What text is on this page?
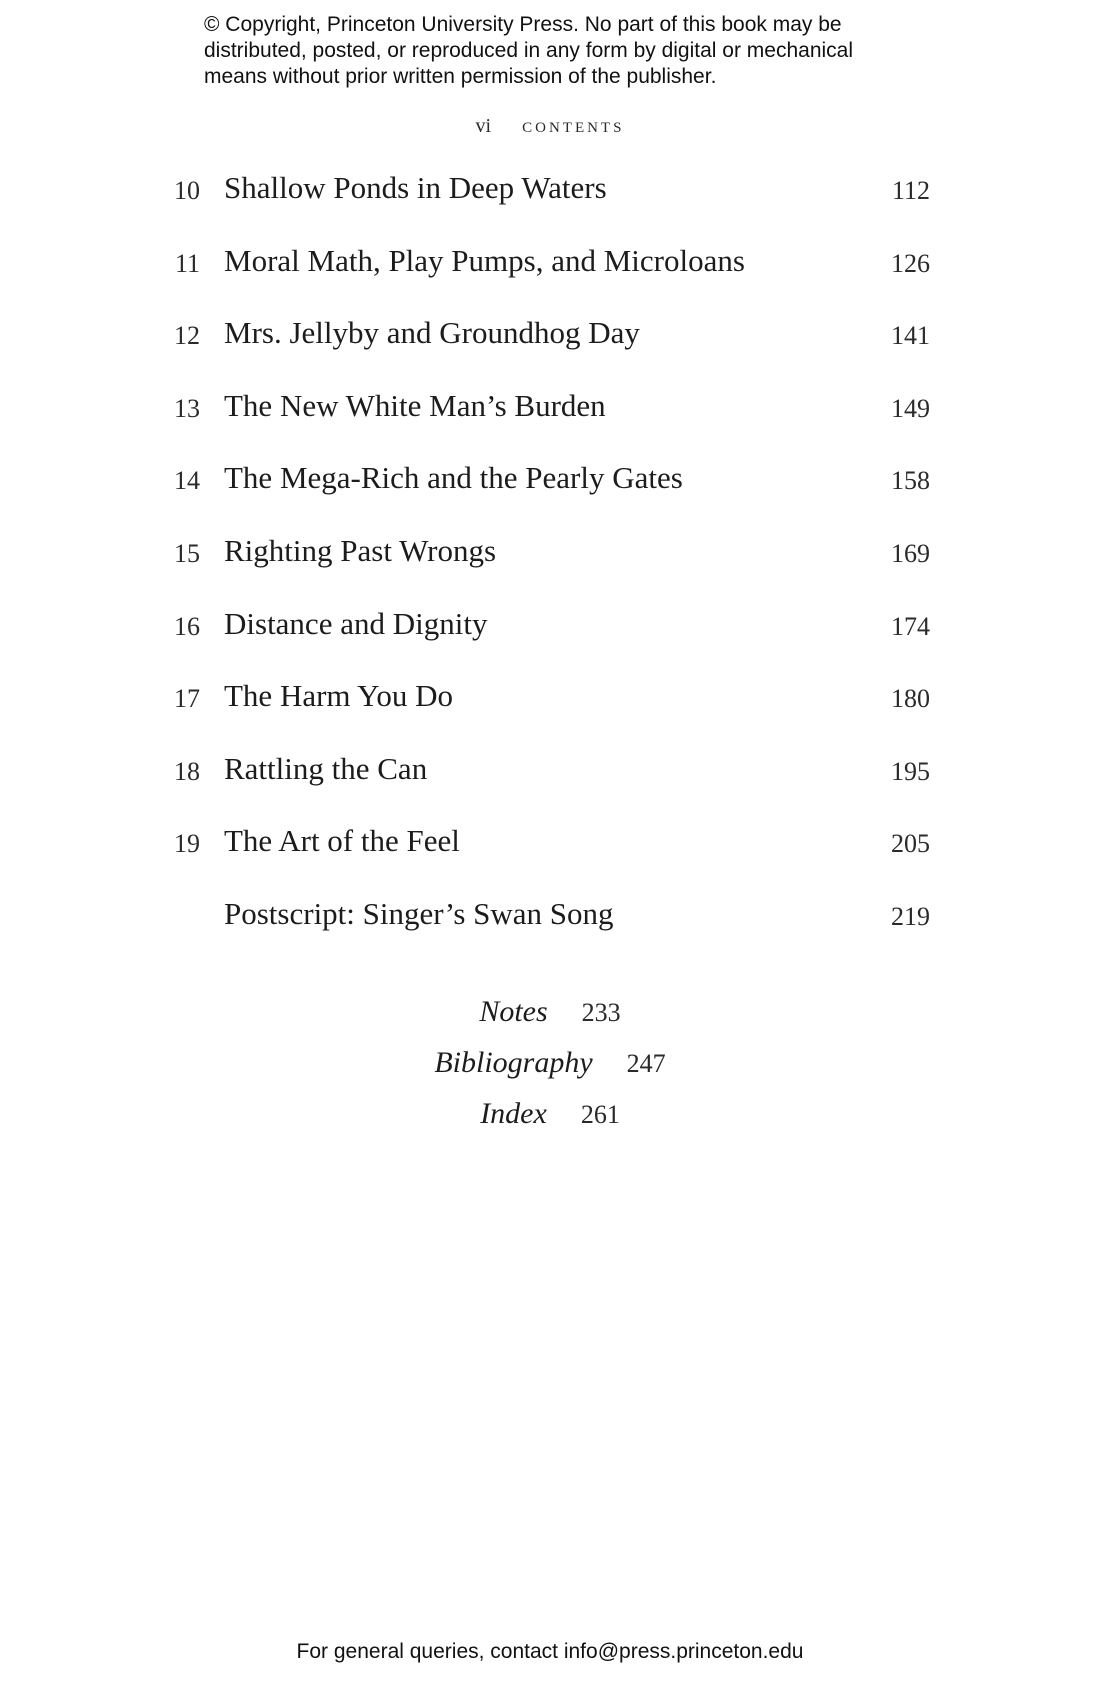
© Copyright, Princeton University Press. No part of this book may be
distributed, posted, or reproduced in any form by digital or mechanical
means without prior written permission of the publisher.
vi contents
10 Shallow Ponds in Deep Waters	112
11 Moral Math, Play Pumps, and Microloans	126
12 Mrs. Jellyby and Groundhog Day	141
13 The New White Man’s Burden	149
14 The Mega-Rich and the Pearly Gates	158
15 Righting Past Wrongs	169
16 Distance and Dignity	174
17 The Harm You Do	180
18 Rattling the Can	195
19 The Art of the Feel	205
Postscript: Singer’s Swan Song	219
Notes 233
Bibliography 247
Index 261
For general queries, contact info@press.princeton.edu
